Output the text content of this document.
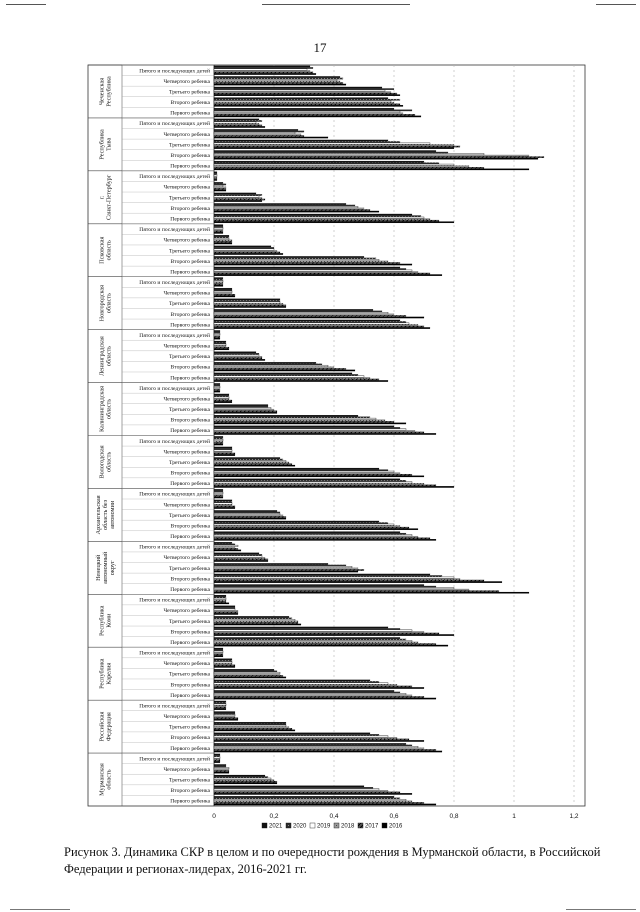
17
ЧеченскаяРеспублика
Пятого и последующих детей
Четвертого ребенка
Третьего ребенка
Второго ребенка
Первого ребенка
РеспубликаТыва
Пятого и последующих детей
Четвертого ребенка
Третьего ребенка
Второго ребенка
Первого ребенка
г.Санкт-Петербург	Пятого и последующих детей
Четвертого ребенка
Третьего ребенка
Второго ребенка
Первого ребенка
Псковскаяобласть
Пятого и последующих детей
Четвертого ребенка
Третьего ребенка
Второго ребенка
Первого ребенка
Новгородскаяобласть
Пятого и последующих детей
Четвертого ребенка
Третьего ребенка
Второго ребенка
Первого ребенка
Ленинградскаяобласть
Пятого и последующих детей
Четвертого ребенка
Третьего ребенка
Второго ребенка
Первого ребенка
Калининградскаяобласть
Пятого и последующих детей
Четвертого ребенка
Третьего ребенка
Второго ребенка
Первого ребенка
Вологодскаяобласть
Пятого и последующих детей
Четвертого ребенка
Третьего ребенка
Второго ребенка
Первого ребенка
Архангельскаяобласть безавтономии
Пятого и последующих детей
Четвертого ребенка
Третьего ребенка
Второго ребенка
Первого ребенка
Ненецкийавтономныйокруг
Пятого и последующих детей
Четвертого ребенка
Третьего ребенка
Второго ребенка
Первого ребенка
РеспубликаКоми
Пятого и последующих детей
Четвертого ребенка
Третьего ребенка
Второго ребенка
Первого ребенка
РеспубликаКарелия
Пятого и последующих детей
Четвертого ребенка
Третьего ребенка
Второго ребенка
Первого ребенка
РоссийскаяФедерация
Пятого и последующих детей
Четвертого ребенка
Третьего ребенка
Второго ребенка
Первого ребенка
Мурманскаяобласть
Пятого и последующих детей
Четвертого ребенка
Третьего ребенка
Второго ребенка
Первого ребенка
0	0,2	0,4	0,6	0,8	1	1,2
2021 2020 2019 2018 2017 2016
Рисунок 3. Динамика СКР в целом и по очередности рождения в Мурманской области, в Российской Федерации и регионах-лидерах, 2016-2021 гг.
